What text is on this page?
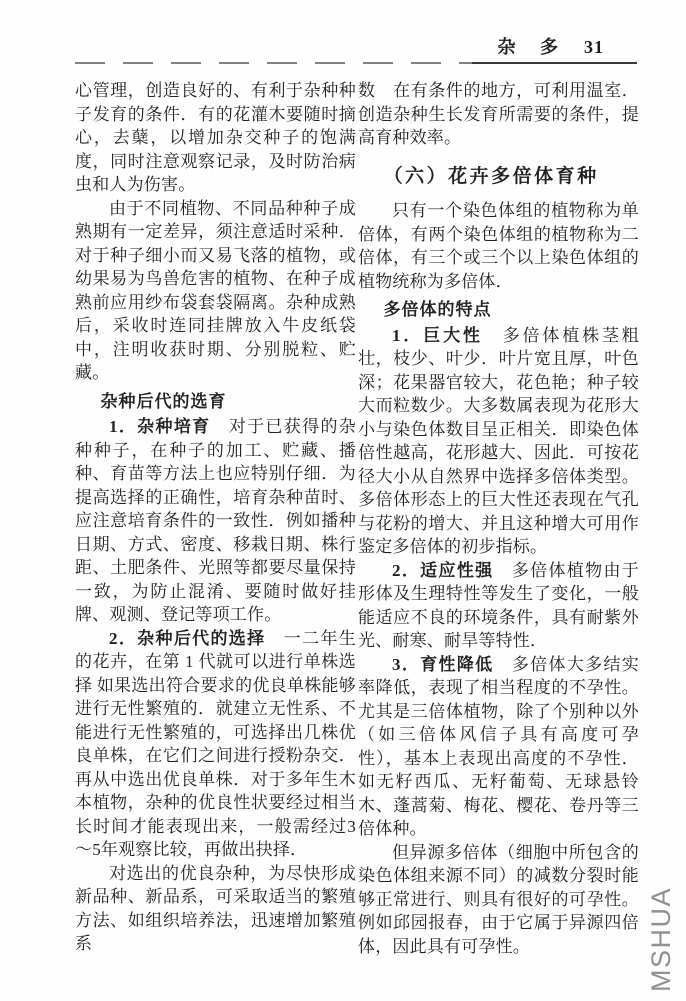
杂 多 31

心管理，创造良好的、有利于杂种种子发育的条件．有的花灌木要随时摘心，去蘖，以增加杂交种子的饱满度，同时注意观察记录，及时防治病虫和人为伤害。

由于不同植物、不同品种种子成熟期有一定差异，须注意适时采种．对于种子细小而又易飞落的植物，或幼果易为鸟兽危害的植物、在种子成熟前应用纱布袋套袋隔离。杂种成熟后，采收时连同挂牌放入牛皮纸袋中，注明收获时期、分别脱粒、贮藏。

杂种后代的选育

1．杂种培育　对于已获得的杂种种子，在种子的加工、贮藏、播种、育苗等方法上也应特别仔细．为提高选择的正确性，培育杂种苗时、应注意培育条件的一致性．例如播种日期、方式、密度、移栽日期、株行距、土肥条件、光照等都要尽量保持一致，为防止混淆、要随时做好挂牌、观测、登记等项工作。

2．杂种后代的选择　一二年生的花卉，在第 1 代就可以进行单株选择 如果选出符合要求的优良单株能够进行无性繁殖的．就建立无性系、不能进行无性繁殖的，可选择出几株优良单株，在它们之间进行授粉杂交．再从中选出优良单株．对于多年生木本植物，杂种的优良性状要经过相当长时间才能表现出来，一般需经过3～5年观察比较，再做出抉择．

对选出的优良杂种，为尽快形成新品种、新品系，可采取适当的繁殖方法、如组织培养法，迅速增加繁殖系

数　在有条件的地方，可利用温室．创造杂种生长发育所需要的条件，提高育种效率。

（六）花卉多倍体育种

只有一个染色体组的植物称为单倍体，有两个染色体组的植物称为二倍体，有三个或三个以上染色体组的植物统称为多倍体．

多倍体的特点

1．巨大性　多倍体植株茎粗壮，枝少、叶少．叶片宽且厚，叶色深；花果器官较大，花色艳；种子较大而粒数少。大多数属表现为花形大小与染色体数目呈正相关．即染色体倍性越高，花形越大、因此．可按花径大小从自然界中选择多倍体类型。多倍体形态上的巨大性还表现在气孔与花粉的增大、并且这种增大可用作鉴定多倍体的初步指标。

2．适应性强　多倍体植物由于形体及生理特性等发生了变化，一般能适应不良的环境条件，具有耐紫外光、耐寒、耐旱等特性．

3．育性降低　多倍体大多结实率降低，表现了相当程度的不孕性。尤其是三倍体植物，除了个别种以外（如三倍体风信子具有高度可孕性），基本上表现出高度的不孕性．如无籽西瓜、无籽葡萄、无球悬铃木、蓬蒿菊、梅花、樱花、卷丹等三倍体种。

但异源多倍体（细胞中所包含的染色体组来源不同）的减数分裂时能够正常进行、则具有很好的可孕性。例如邱园报春，由于它属于异源四倍体，因此具有可孕性。	MSHUA
